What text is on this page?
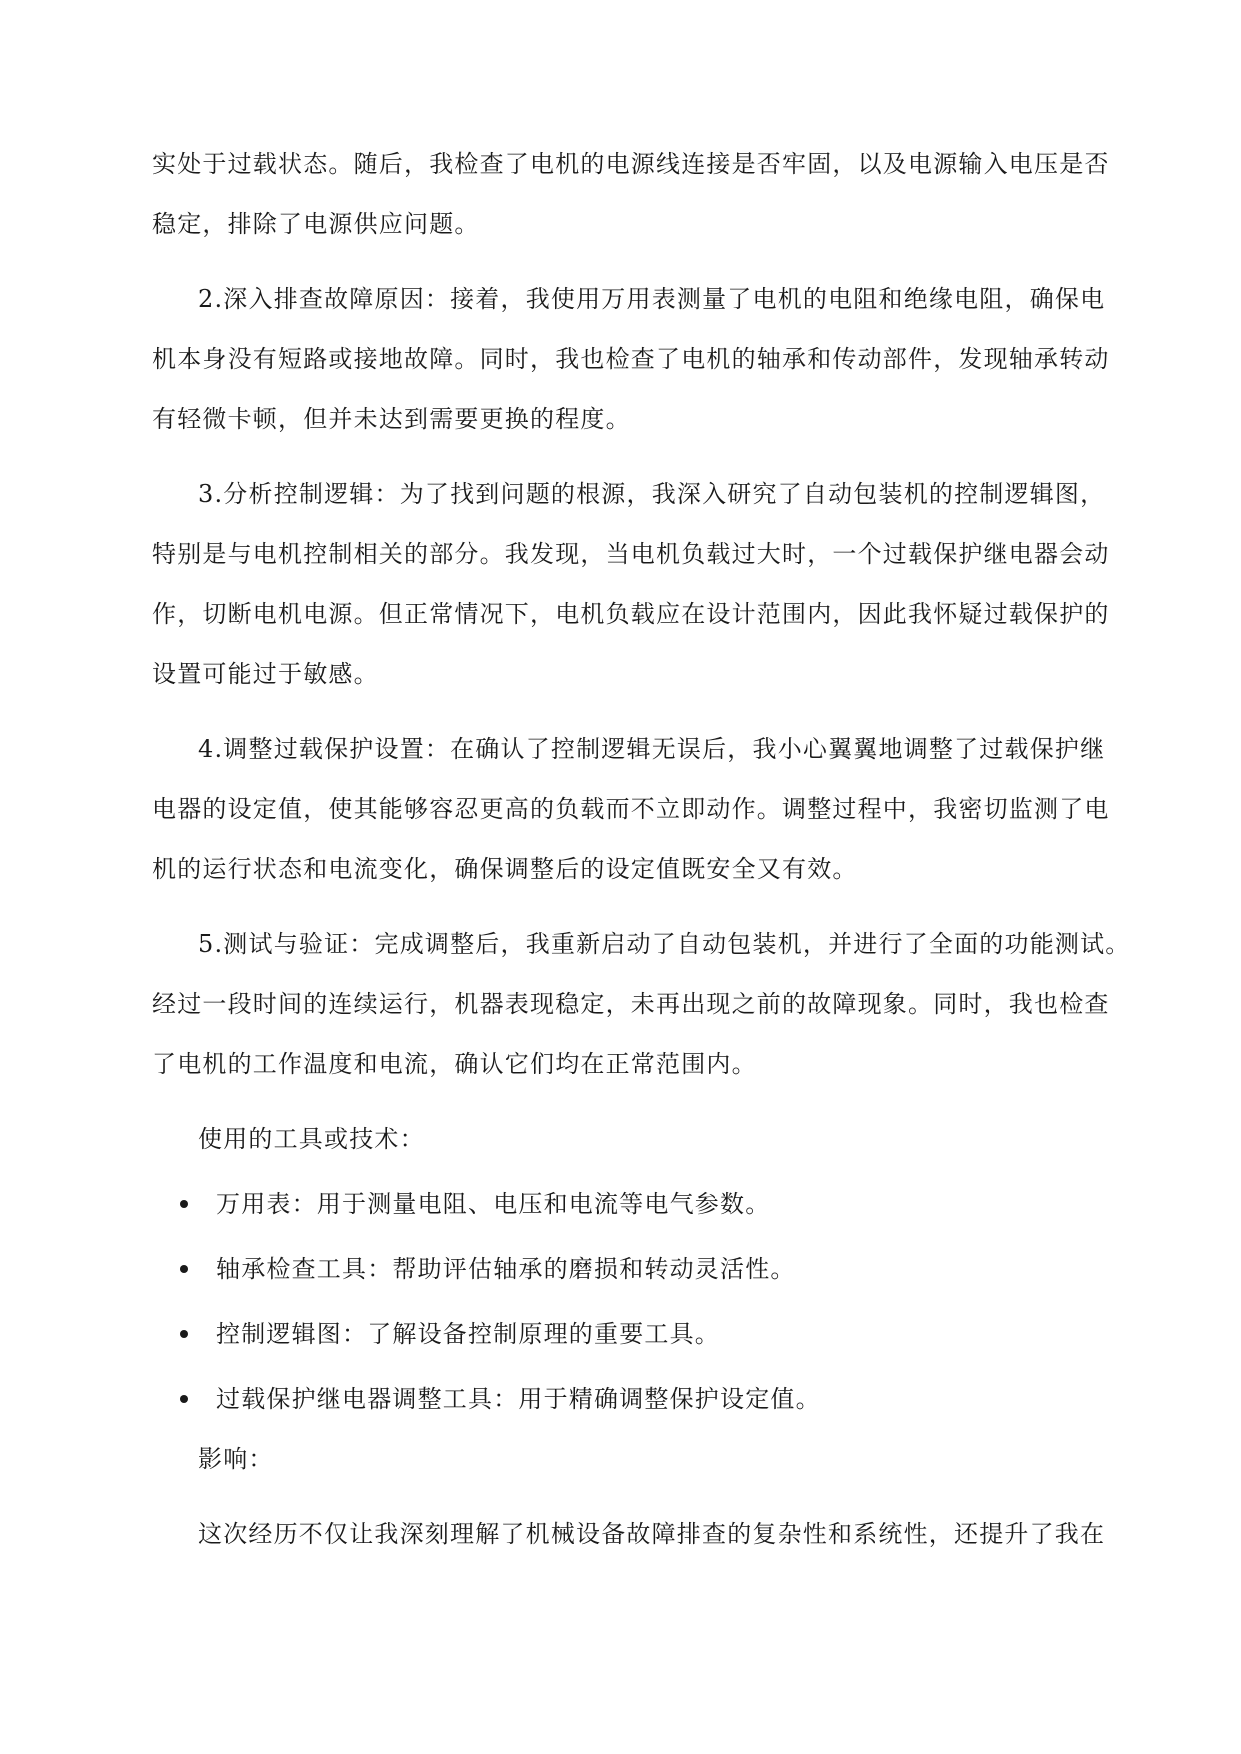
实处于过载状态。随后，我检查了电机的电源线连接是否牢固，以及电源输入电压是否
稳定，排除了电源供应问题。
2.深入排查故障原因：接着，我使用万用表测量了电机的电阻和绝缘电阻，确保电
机本身没有短路或接地故障。同时，我也检查了电机的轴承和传动部件，发现轴承转动
有轻微卡顿，但并未达到需要更换的程度。
3.分析控制逻辑：为了找到问题的根源，我深入研究了自动包装机的控制逻辑图，
特别是与电机控制相关的部分。我发现，当电机负载过大时，一个过载保护继电器会动
作，切断电机电源。但正常情况下，电机负载应在设计范围内，因此我怀疑过载保护的
设置可能过于敏感。
4.调整过载保护设置：在确认了控制逻辑无误后，我小心翼翼地调整了过载保护继
电器的设定值，使其能够容忍更高的负载而不立即动作。调整过程中，我密切监测了电
机的运行状态和电流变化，确保调整后的设定值既安全又有效。
5.测试与验证：完成调整后，我重新启动了自动包装机，并进行了全面的功能测试。
经过一段时间的连续运行，机器表现稳定，未再出现之前的故障现象。同时，我也检查
了电机的工作温度和电流，确认它们均在正常范围内。
使用的工具或技术：
万用表：用于测量电阻、电压和电流等电气参数。
轴承检查工具：帮助评估轴承的磨损和转动灵活性。
控制逻辑图：了解设备控制原理的重要工具。
过载保护继电器调整工具：用于精确调整保护设定值。
影响：
这次经历不仅让我深刻理解了机械设备故障排查的复杂性和系统性，还提升了我在
